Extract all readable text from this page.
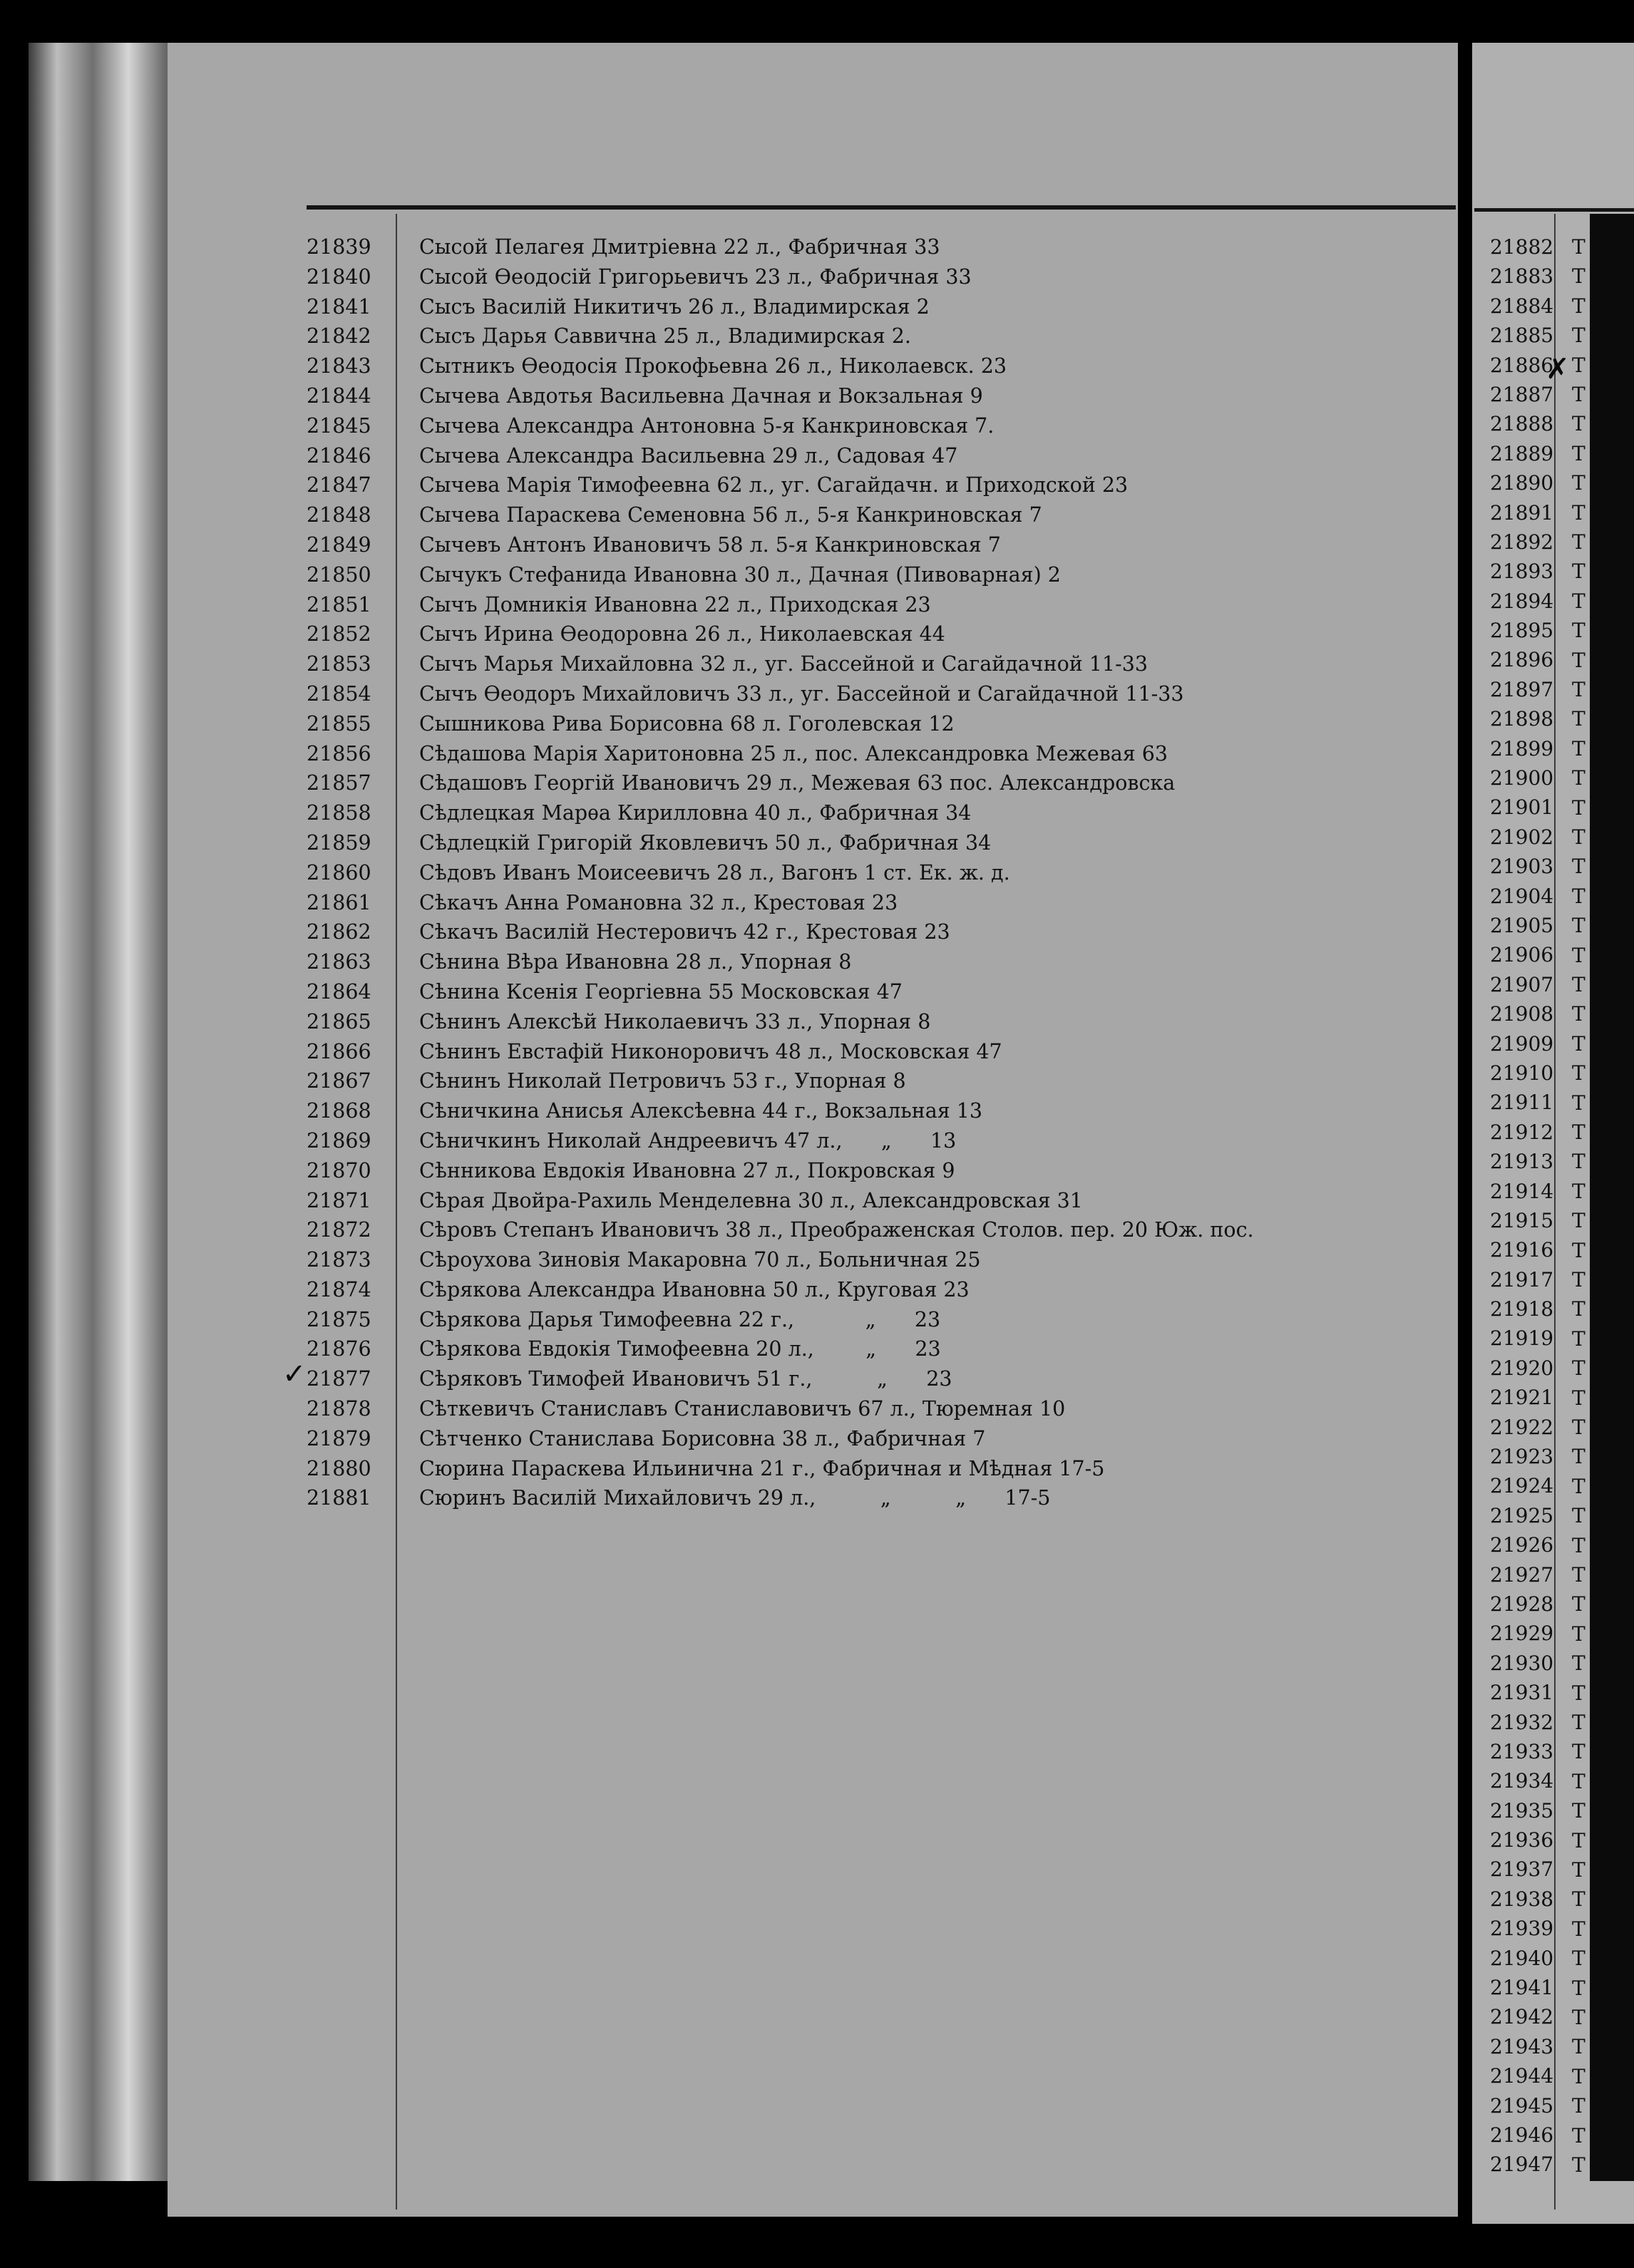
21839 Сысой Пелагея Дмитріевна 22 л., Фабричная 33
21840 Сысой Ѳеодосій Григорьевичъ 23 л., Фабричная 33
21841 Сысъ Василій Никитичъ 26 л., Владимирская 2
21842 Сысъ Дарья Саввична 25 л., Владимирская 2.
21843 Сытникъ Ѳеодосія Прокофьевна 26 л., Николаевск. 23
21844 Сычева Авдотья Васильевна Дачная и Вокзальная 9
21845 Сычева Александра Антоновна 5-я Канкриновская 7.
21846 Сычева Александра Васильевна 29 л., Садовая 47
21847 Сычева Марія Тимофеевна 62 л., уг. Сагайдачн. и Приходской 23
21848 Сычева Параскева Семеновна 56 л., 5-я Канкриновская 7
21849 Сычевъ Антонъ Ивановичъ 58 л. 5-я Канкриновская 7
21850 Сычукъ Стефанида Ивановна 30 л., Дачная (Пивоварная) 2
21851 Сычъ Домникія Ивановна 22 л., Приходская 23
21852 Сычъ Ирина Ѳеодоровна 26 л., Николаевская 44
21853 Сычъ Марья Михайловна 32 л., уг. Бассейной и Сагайдачной 11-33
21854 Сычъ Ѳеодоръ Михайловичъ 33 л., уг. Бассейной и Сагайдачной 11-33
21855 Сышникова Рива Борисовна 68 л. Гоголевская 12
21856 Сѣдашова Марія Харитоновна 25 л., пос. Александровка Межевая 63
21857 Сѣдашовъ Георгій Ивановичъ 29 л., Межевая 63 пос. Александровска
21858 Сѣдлецкая Марѳа Кирилловна 40 л., Фабричная 34
21859 Сѣдлецкій Григорій Яковлевичъ 50 л., Фабричная 34
21860 Сѣдовъ Иванъ Моисеевичъ 28 л., Вагонъ 1 ст. Ек. ж. д.
21861 Сѣкачъ Анна Романовна 32 л., Крестовая 23
21862 Сѣкачъ Василій Нестеровичъ 42 г., Крестовая 23
21863 Сѣнина Вѣра Ивановна 28 л., Упорная 8
21864 Сѣнина Ксенія Георгіевна 55 Московская 47
21865 Сѣнинъ Алексѣй Николаевичъ 33 л., Упорная 8
21866 Сѣнинъ Евстафій Никоноровичъ 48 л., Московская 47
21867 Сѣнинъ Николай Петровичъ 53 г., Упорная 8
21868 Сѣничкина Анисья Алексѣевна 44 г., Вокзальная 13
21869 Сѣничкинъ Николай Андреевичъ 47 л.,      „      13
21870 Сѣнникова Евдокія Ивановна 27 л., Покровская 9
21871 Сѣрая Двойра-Рахиль Менделевна 30 л., Александровская 31
21872 Сѣровъ Степанъ Ивановичъ 38 л., Преображенская Столов. пер. 20 Юж. пос.
21873 Сѣроухова Зиновія Макаровна 70 л., Больничная 25
21874 Сѣрякова Александра Ивановна 50 л., Круговая 23
21875 Сѣрякова Дарья Тимофеевна 22 г.,           „      23
21876 Сѣрякова Евдокія Тимофеевна 20 л.,        „      23
21877 Сѣряковъ Тимофей Ивановичъ 51 г.,          „      23
21878 Сѣткевичъ Станиславъ Станиславовичъ 67 л., Тюремная 10
21879 Сѣтченко Станислава Борисовна 38 л., Фабричная 7
21880 Сюрина Параскева Ильинична 21 г., Фабричная и Мѣдная 17-5
21881 Сюринъ Василій Михайловичъ 29 л.,          „          „      17-5
21882
21883
21884
21885
21886
21887
21888
21889
21890
21891
21892
21893
21894
21895
21896
21897
21898
21899
21900
21901
21902
21903
21904
21905
21906
21907
21908
21909
21910
21911
21912
21913
21914
21915
21916
21917
21918
21919
21920
21921
21922
21923
21924
21925
21926
21927
21928
21929
21930
21931
21932
21933
21934
21935
21936
21937
21938
21939
21940
21941
21942
21943
21944
21945
21946
21947
✓
✗
Т
Т
Т
Т
Т
Т
Т
Т
Т
Т
Т
Т
Т
Т
Т
Т
Т
Т
Т
Т
Т
Т
Т
Т
Т
Т
Т
Т
Т
Т
Т
Т
Т
Т
Т
Т
Т
Т
Т
Т
Т
Т
Т
Т
Т
Т
Т
Т
Т
Т
Т
Т
Т
Т
Т
Т
Т
Т
Т
Т
Т
Т
Т
Т
Т
Т
